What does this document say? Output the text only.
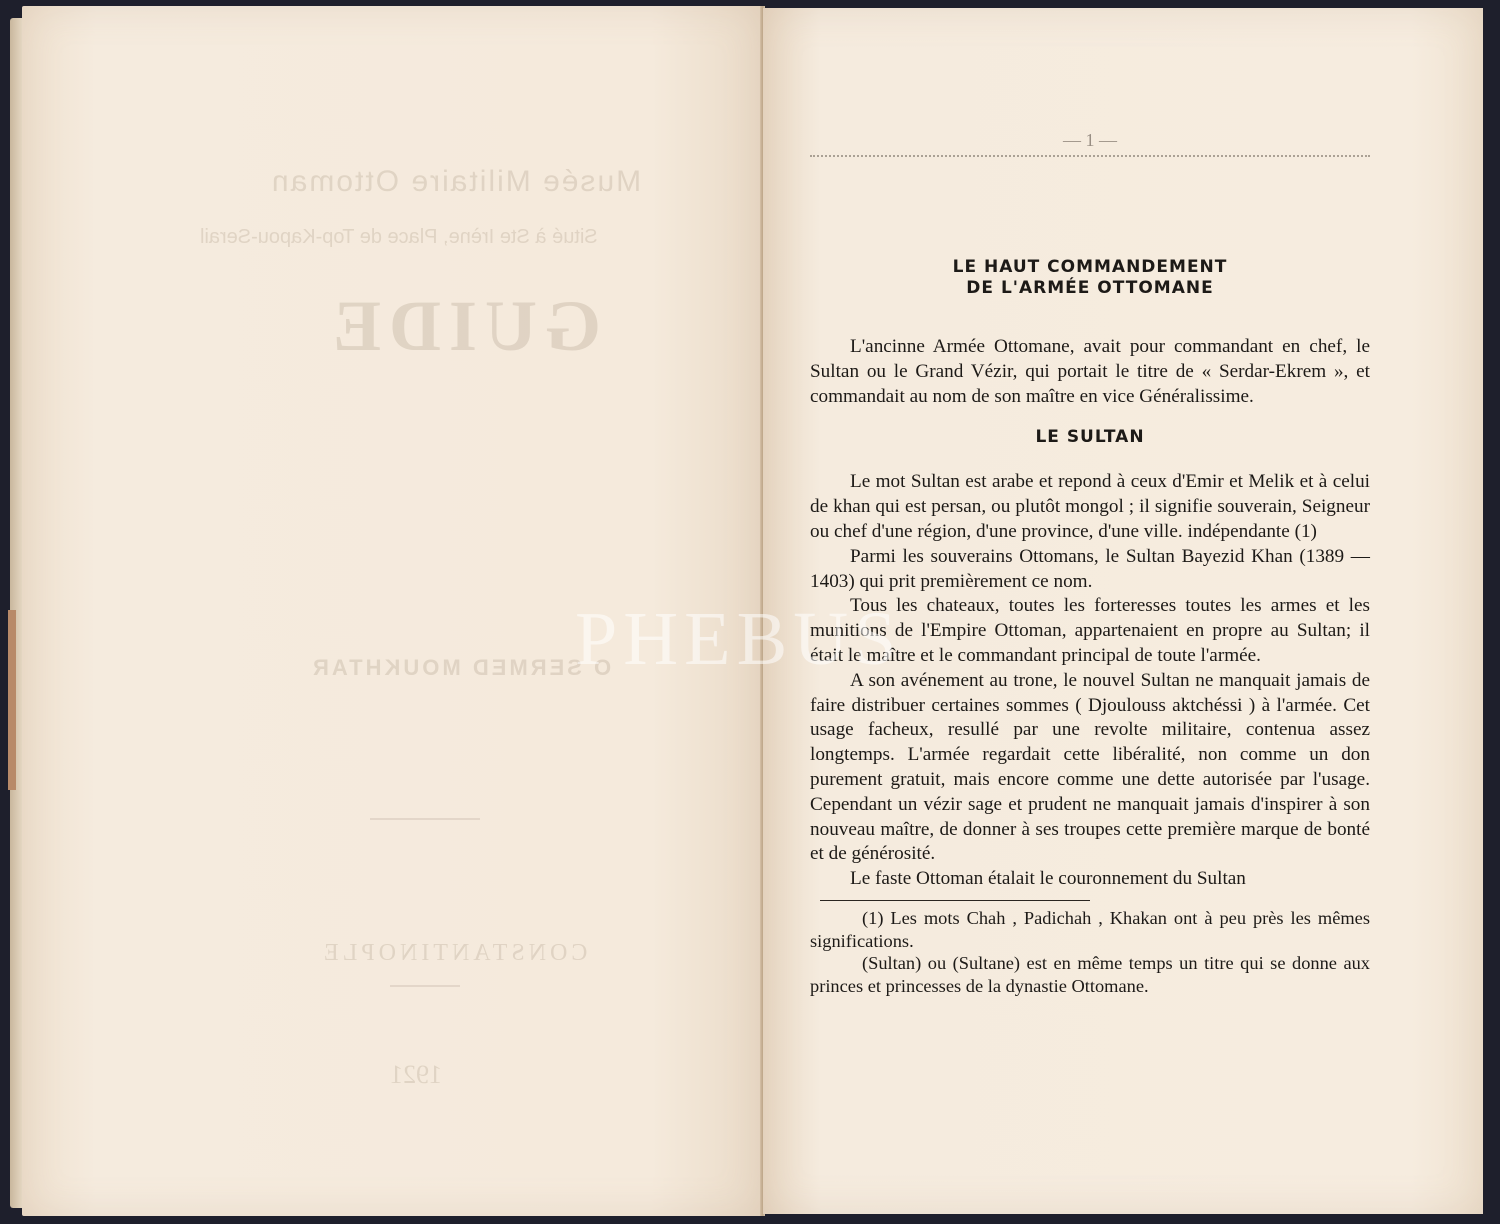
Musée Militaire Ottoman
Situé à Ste Irène, Place de Top-Kapou-Serail
GUIDE
O SERMED MOUKHTAR
CONSTANTINOPLE
1921
— 1 —

LE HAUT COMMANDEMENT

DE L'ARMÉE OTTOMANE

L'ancinne Armée Ottomane, avait pour commandant en chef, le Sultan ou le Grand Vézir, qui portait le titre de « Serdar-Ekrem », et commandait au nom de son maître en vice Généralissime.

LE SULTAN

Le mot Sultan est arabe et repond à ceux d'Emir et Melik et à celui de khan qui est persan, ou plutôt mongol ; il signifie souverain, Seigneur ou chef d'une région, d'une province, d'une ville. indépendante (1)

Parmi les souverains Ottomans, le Sultan Bayezid Khan (1389 — 1403) qui prit premièrement ce nom.

Tous les chateaux, toutes les forteresses toutes les armes et les munitions de l'Empire Ottoman, appartenaient en propre au Sultan; il était le maître et le commandant principal de toute l'armée.

A son avénement au trone, le nouvel Sultan ne manquait jamais de faire distribuer certaines sommes ( Djoulouss aktchéssi ) à l'armée. Cet usage facheux, resullé par une revolte militaire, contenua assez longtemps. L'armée regardait cette libéralité, non comme un don purement gratuit, mais encore comme une dette autorisée par l'usage. Cependant un vézir sage et prudent ne manquait jamais d'inspirer à son nouveau maître, de donner à ses troupes cette première marque de bonté et de générosité.

Le faste Ottoman étalait le couronnement du Sultan

(1) Les mots Chah , Padichah , Khakan ont à peu près les mêmes significations.

(Sultan) ou (Sultane) est en même temps un titre qui se donne aux princes et princesses de la dynastie Ottomane.

PHEBUS
